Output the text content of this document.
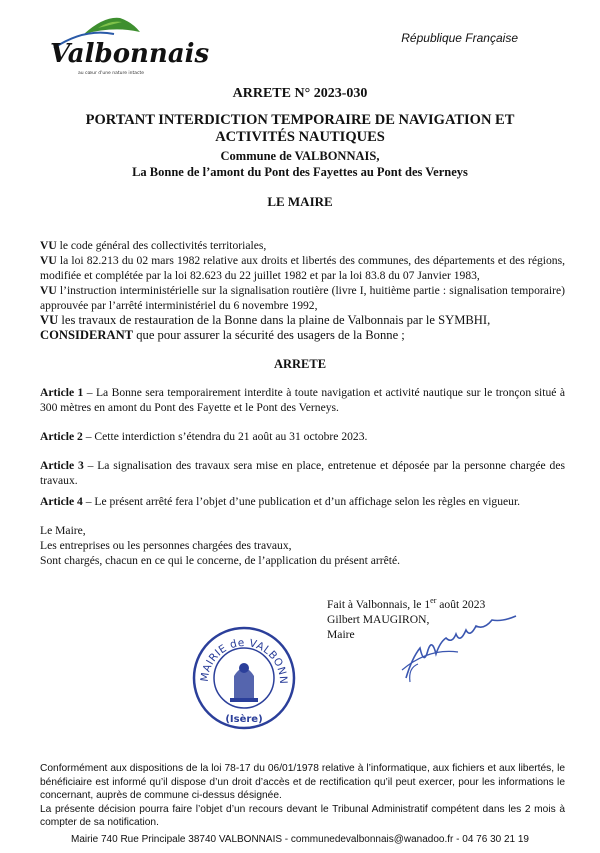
Valbonnais
au cœur d'une nature intacte
République Française
ARRETE N° 2023-030
PORTANT INTERDICTION TEMPORAIRE DE NAVIGATION ET
ACTIVITÉS NAUTIQUES
Commune de VALBONNAIS,
La Bonne de l’amont du Pont des Fayettes au Pont des Verneys
LE MAIRE

VU le code général des collectivités territoriales,

VU la loi 82.213 du 02 mars 1982 relative aux droits et libertés des communes, des départements et des régions, modifiée et complétée par la loi 82.623 du 22 juillet 1982 et par la loi 83.8 du 07 Janvier 1983,

VU l’instruction interministérielle sur la signalisation routière (livre I, huitième partie : signalisation temporaire) approuvée par l’arrêté interministériel du 6 novembre 1992,

VU les travaux de restauration de la Bonne dans la plaine de Valbonnais par le SYMBHI,

CONSIDERANT que pour assurer la sécurité des usagers de la Bonne ;

ARRETE
Article 1 – La Bonne sera temporairement interdite à toute navigation et activité nautique sur le tronçon situé à 300 mètres en amont du Pont des Fayette et le Pont des Verneys.
Article 2 – Cette interdiction s’étendra du 21 août au 31 octobre 2023.
Article 3 – La signalisation des travaux sera mise en place, entretenue et déposée par la personne chargée des travaux.
Article 4 – Le présent arrêté fera l’objet d’une publication et d’un affichage selon les règles en vigueur.

Le Maire,

Les entreprises ou les personnes chargées des travaux,

Sont chargés, chacun en ce qui le concerne, de l’application du présent arrêté.

Fait à Valbonnais, le 1er août 2023

Gilbert MAUGIRON,

Maire

MAIRIE de VALBONN
(Isère)

Conformément aux dispositions de la loi 78-17 du 06/01/1978 relative à l’informatique, aux fichiers et aux libertés, le bénéficiaire est informé qu’il dispose d’un droit d’accès et de rectification qu’il peut exercer, pour les informations le concernant, auprès de commune ci-dessus désignée.

La présente décision pourra faire l’objet d’un recours devant le Tribunal Administratif compétent dans les 2 mois à compter de sa notification.

Mairie 740 Rue Principale 38740 VALBONNAIS - communedevalbonnais@wanadoo.fr - 04 76 30 21 19
